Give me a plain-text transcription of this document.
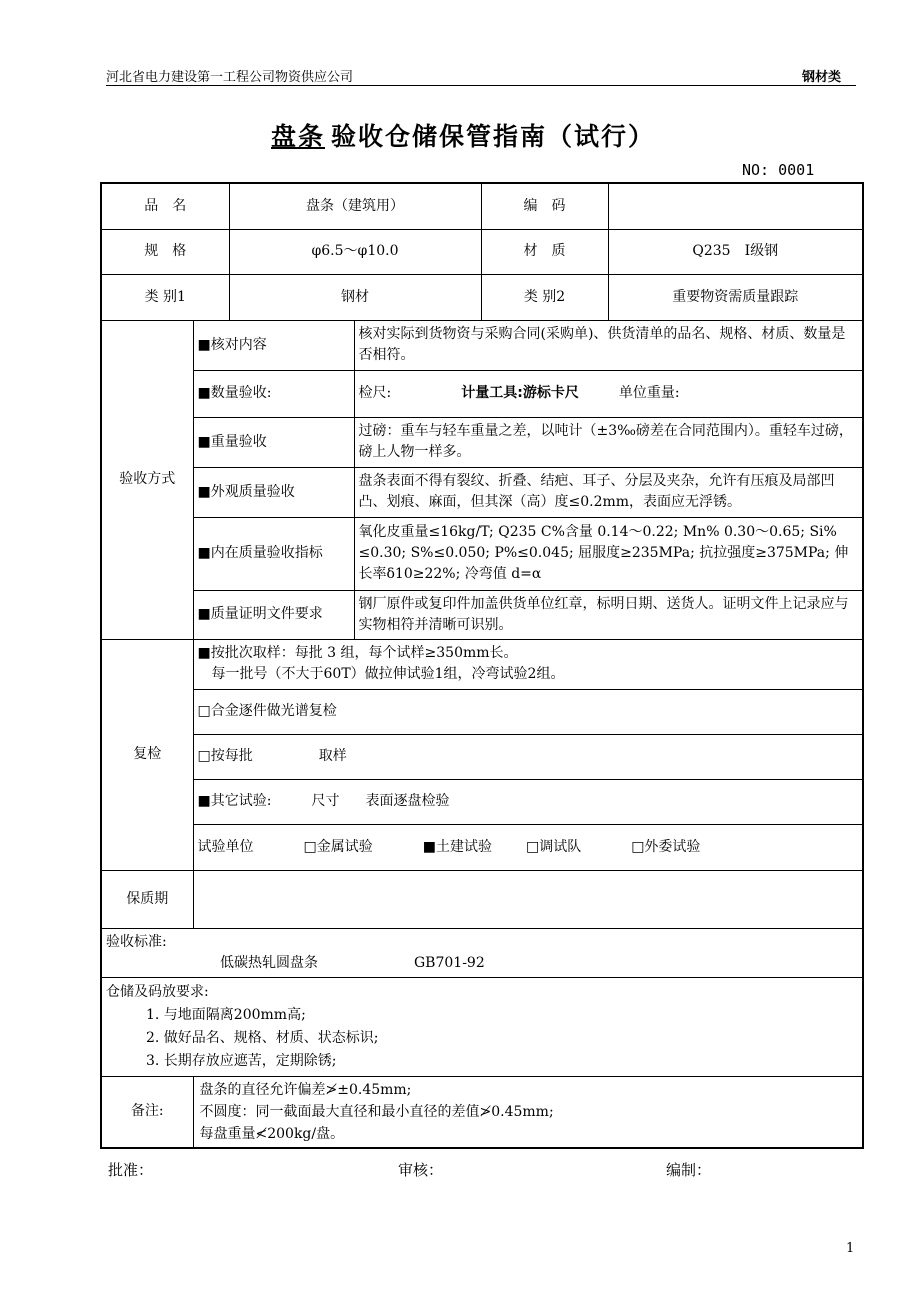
河北省电力建设第一工程公司物资供应公司	钢材类
盘条 验收仓储保管指南（试行）
NO: 0001
品　名		盘条（建筑用）		编　码	
规　格		φ6.5～φ10.0		材　质	Q235　Ⅰ级钢
类 别1		钢材		类 别2	重要物资需质量跟踪
验收方式	■核对内容		核对实际到货物资与采购合同(采购单)、供货清单的品名、规格、材质、数量是否相符。		
	■数量验收:		检尺: 计量工具:游标卡尺 单位重量:		
	■重量验收		过磅：重车与轻车重量之差，以吨计（±3‰磅差在合同范围内）。重轻车过磅，磅上人物一样多。		
	■外观质量验收		盘条表面不得有裂纹、折叠、结疤、耳子、分层及夹杂，允许有压痕及局部凹凸、划痕、麻面，但其深（高）度≤0.2mm，表面应无浮锈。		
	■内在质量验收指标		氧化皮重量≤16kg/T; Q235 C%含量 0.14～0.22; Mn% 0.30～0.65; Si% ≤0.30; S%≤0.050; P%≤0.045; 屈服度≥235MPa; 抗拉强度≥375MPa; 伸长率δ10≥22%; 冷弯值 d=α		
	■质量证明文件要求		钢厂原件或复印件加盖供货单位红章，标明日期、送货人。证明文件上记录应与实物相符并清晰可识别。		
复检	■按批次取样：每批 3 组，每个试样≥350mm长。
每一批号（不大于60T）做拉伸试验1组，冷弯试验2组。				

	□合金逐件做光谱复检				
	□按每批 取样				
	■其它试验: 尺寸 表面逐盘检验				
	试验单位 □金属试验 ■土建试验 □调试队 □外委试验				
保质期					

验收标准:
低碳热轧圆盘条 GB701-92					

仓储及码放要求:
1. 与地面隔离200mm高;
2. 做好品名、规格、材质、状态标识;
3. 长期存放应遮苦，定期除锈;					

备注:	盘条的直径允许偏差≯±0.45mm;
不圆度：同一截面最大直径和最小直径的差值≯0.45mm;
每盘重量≮200kg/盘。				
批准：	审核：	编制：
1
